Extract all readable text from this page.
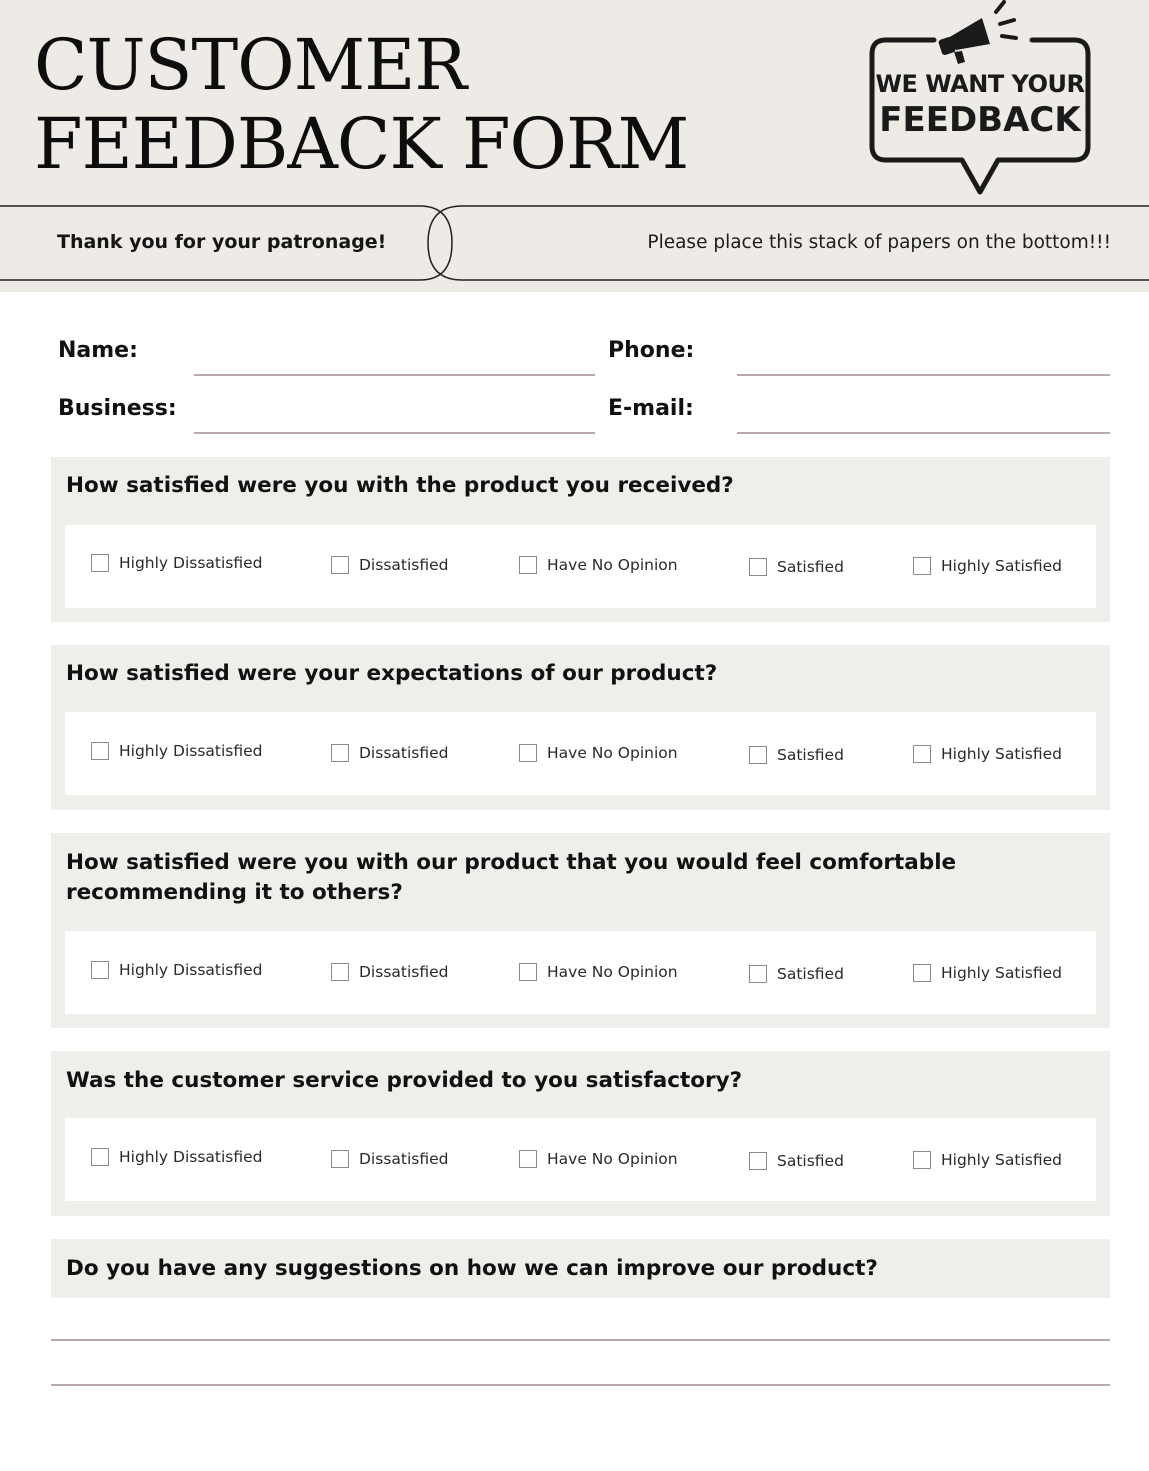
CUSTOMER
FEEDBACK FORM
WE WANT YOUR
FEEDBACK
Thank you for your patronage!	Please place this stack of papers on the bottom!!!
Name:	Phone:
Business:	E-mail:

How satisfied were you with the product you received?

Highly Dissatisfied	Dissatisfied	Have No Opinion	Satisfied	Highly Satisfied

How satisfied were your expectations of our product?

Highly Dissatisfied	Dissatisfied	Have No Opinion	Satisfied	Highly Satisfied

How satisfied were you with our product that you would feel comfortable recommending it to others?

Highly Dissatisfied	Dissatisfied	Have No Opinion	Satisfied	Highly Satisfied

Was the customer service provided to you satisfactory?

Highly Dissatisfied	Dissatisfied	Have No Opinion	Satisfied	Highly Satisfied

Do you have any suggestions on how we can improve our product?
